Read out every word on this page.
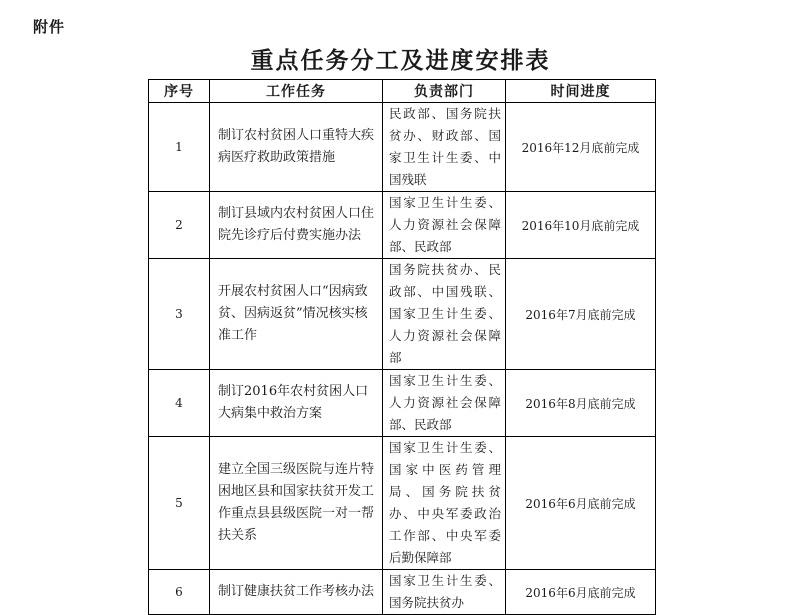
附件
重点任务分工及进度安排表
序号	工作任务	负责部门	时间进度
1	制订农村贫困人口重特大疾病医疗救助政策措施	民政部、国务院扶贫办、财政部、国家卫生计生委、中国残联	2016年12月底前完成
2	制订县域内农村贫困人口住院先诊疗后付费实施办法	国家卫生计生委、人力资源社会保障部、民政部	2016年10月底前完成
3	开展农村贫困人口“因病致贫、因病返贫”情况核实核准工作	国务院扶贫办、民政部、中国残联、国家卫生计生委、人力资源社会保障部	2016年7月底前完成
4	制订2016年农村贫困人口大病集中救治方案	国家卫生计生委、人力资源社会保障部、民政部	2016年8月底前完成
5	建立全国三级医院与连片特困地区县和国家扶贫开发工作重点县县级医院一对一帮扶关系	国家卫生计生委、国家中医药管理局、国务院扶贫办、中央军委政治工作部、中央军委后勤保障部	2016年6月底前完成
6	制订健康扶贫工作考核办法	国家卫生计生委、国务院扶贫办	2016年6月底前完成
